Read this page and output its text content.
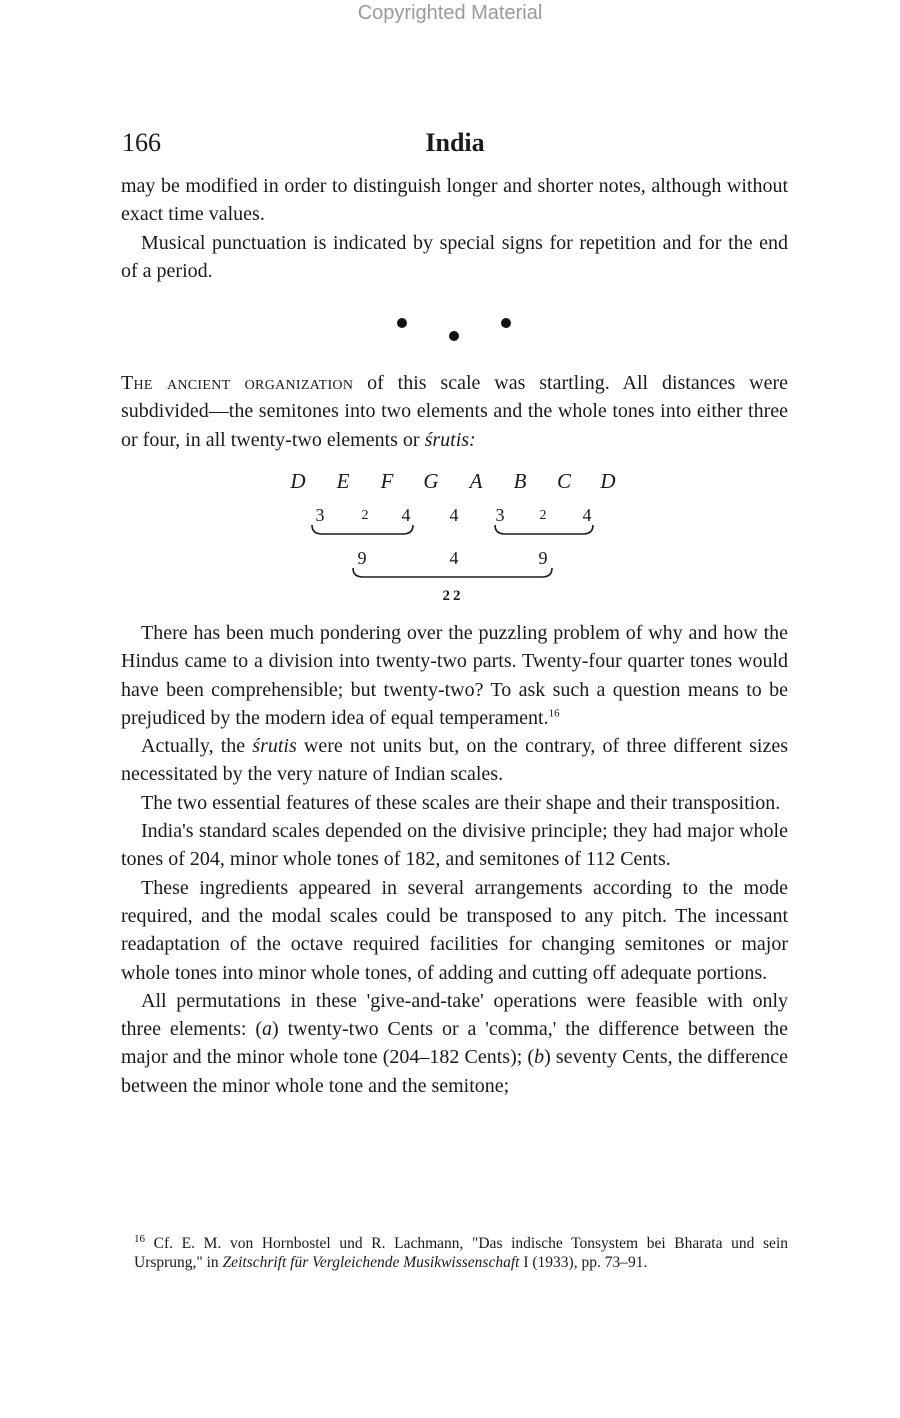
Copyrighted Material
166	India

may be modified in order to distinguish longer and shorter notes, although without exact time values.

Musical punctuation is indicated by special signs for repetition and for the end of a period.

The ancient organization of this scale was startling. All distances were subdivided—the semitones into two elements and the whole tones into either three or four, in all twenty-two elements or śrutis:

D E F G A B C D
3	2 4 4 3	2 4
9	4	9
22

There has been much pondering over the puzzling problem of why and how the Hindus came to a division into twenty-two parts. Twenty-four quarter tones would have been comprehensible; but twenty-two? To ask such a question means to be prejudiced by the modern idea of equal temperament.$^{16}$

Actually, the śrutis were not units but, on the contrary, of three different sizes necessitated by the very nature of Indian scales.

The two essential features of these scales are their shape and their transposition.

India's standard scales depended on the divisive principle; they had major whole tones of 204, minor whole tones of 182, and semitones of 112 Cents.

These ingredients appeared in several arrangements according to the mode required, and the modal scales could be transposed to any pitch. The incessant readaptation of the octave required facilities for changing semitones or major whole tones into minor whole tones, of adding and cutting off adequate portions.

All permutations in these 'give-and-take' operations were feasible with only three elements: (a) twenty-two Cents or a 'comma,' the difference between the major and the minor whole tone (204–182 Cents); (b) seventy Cents, the difference between the minor whole tone and the semitone;

$^{16}$ Cf. E. M. von Hornbostel und R. Lachmann, "Das indische Tonsystem bei Bharata und sein Ursprung," in Zeitschrift für Vergleichende Musikwissenschaft I (1933), pp. 73–91.
